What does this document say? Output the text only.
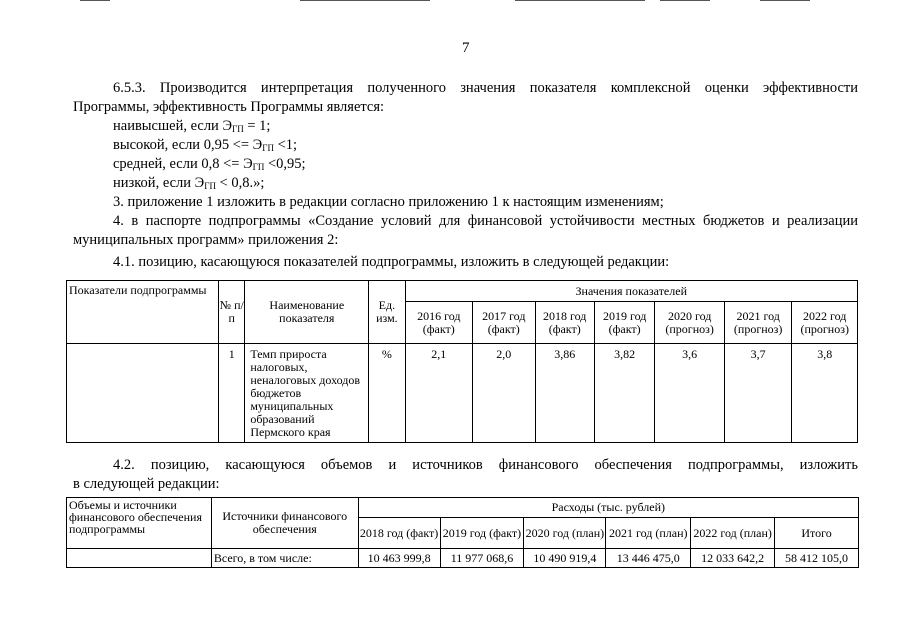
7
6.5.3. Производится интерпретация полученного значения показателя комплексной оценки эффективности
Программы, эффективность Программы является:
наивысшей, если $Э_{ГП} = 1$;
высокой, если $0,95 <= Э_{ГП} <1$;
средней, если $0,8 <= Э_{ГП} <0,95$;
низкой, если $Э_{ГП} < 0,8$.»;
3. приложение 1 изложить в редакции согласно приложению 1 к настоящим изменениям;
4. в паспорте подпрограммы «Создание условий для финансовой устойчивости местных бюджетов и реализации
муниципальных программ» приложения 2:
4.1. позицию, касающуюся показателей подпрограммы, изложить в следующей редакции:
Показатели подпрограммы	№ п/п	Наименование показателя	Ед. изм.	Значения показателей						
				2016 год (факт)	2017 год (факт)	2018 год (факт)	2019 год (факт)	2020 год (прогноз)	2021 год (прогноз)	2022 год (прогноз)
	1	Темп прироста налоговых, неналоговых доходов бюджетов муниципальных образований Пермского края	%	2,1	2,0	3,86	3,82	3,6	3,7	3,8
4.2. позицию, касающуюся объемов и источников финансового обеспечения подпрограммы, изложить
в следующей редакции:
Объемы и источники финансового обеспечения подпрограммы	Источники финансового обеспечения	Расходы (тыс. рублей)					
		2018 год (факт)	2019 год (факт)	2020 год (план)	2021 год (план)	2022 год (план)	Итого
	Всего, в том числе:	10 463 999,8	11 977 068,6	10 490 919,4	13 446 475,0	12 033 642,2	58 412 105,0
